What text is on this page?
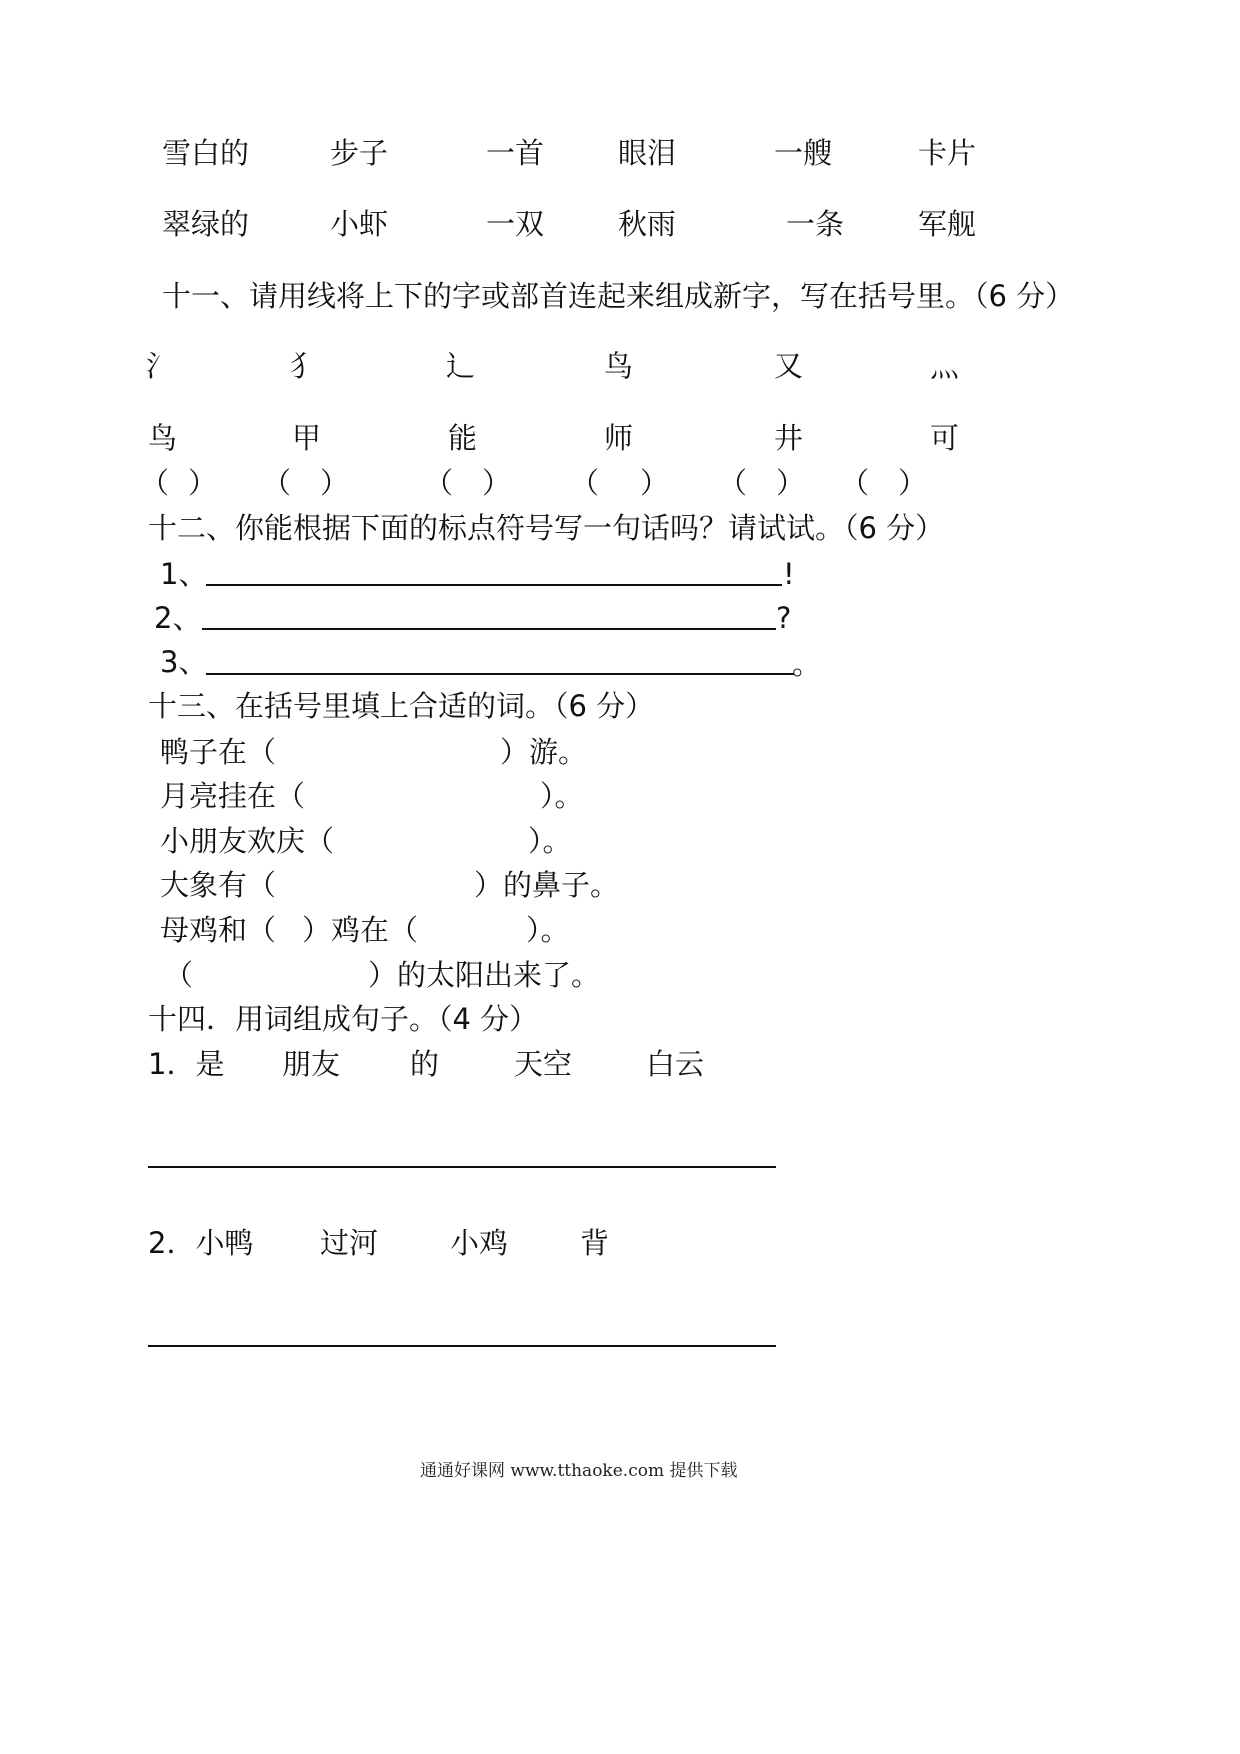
雪白的	步子	一首	眼泪	一艘	卡片
翠绿的	小虾	一双	秋雨	一条	军舰
十一、请用线将上下的字或部首连起来组成新字，写在括号里。（6 分）
氵	犭	辶	鸟	又	灬
鸟	甲	能	师	井	可
（ ） （ ）	（ ） （ ） （ ） （ ）
十二、你能根据下面的标点符号写一句话吗？请试试。（6 分）
1、	!
2、	?
3、	。
十三、在括号里填上合适的词。（6 分）
鸭子在（	）游。
月亮挂在（	）。
小朋友欢庆（	）。
大象有（	）的鼻子。
母鸡和（ ）鸡在（	）。
（	）的太阳出来了。
十四．用词组成句子。（4 分）
1．是 朋友 的	天空	白云
2．小鸭 过河 小鸡 背
通通好课网 www.tthaoke.com 提供下载
